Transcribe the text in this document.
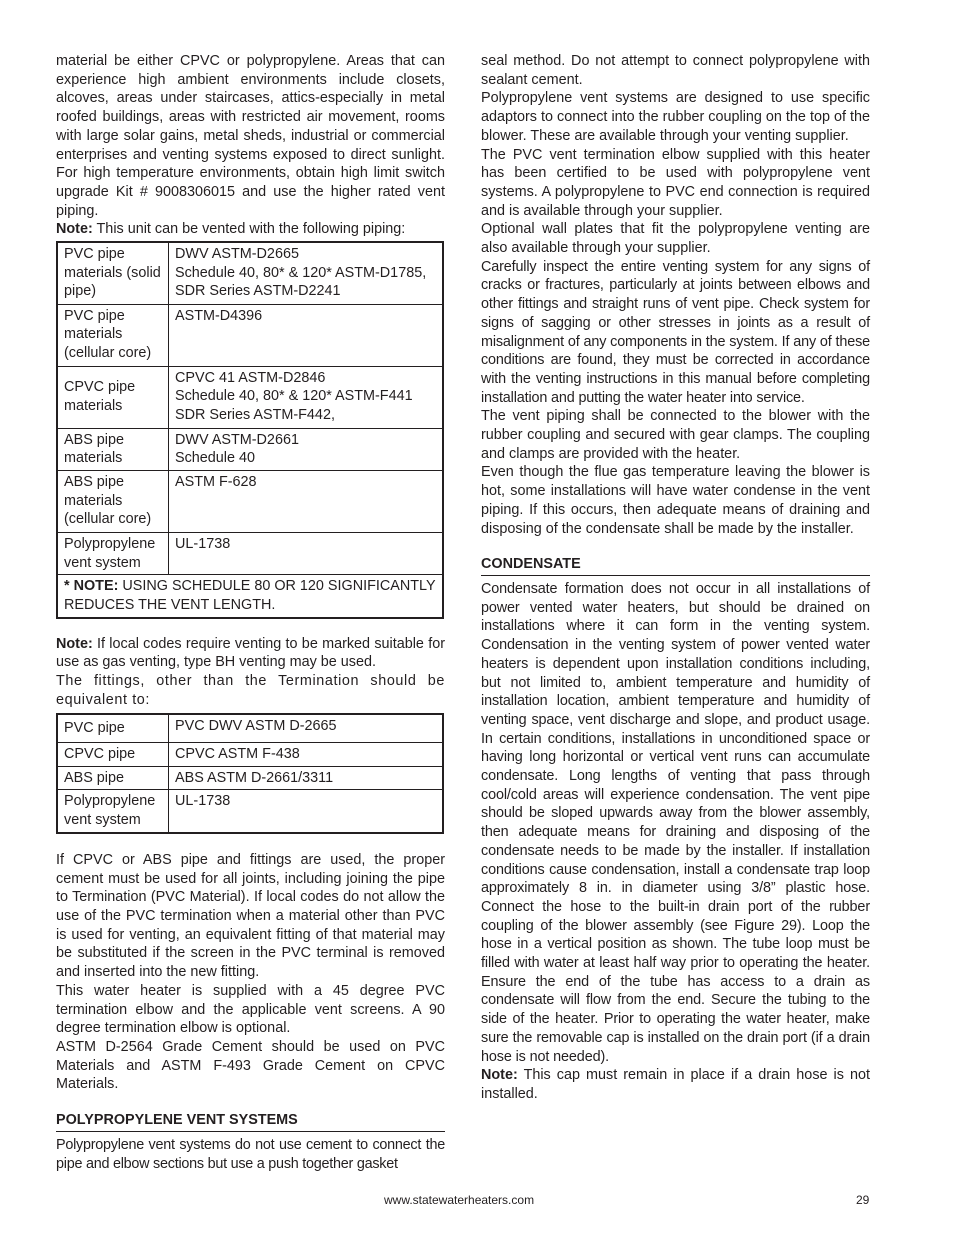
material be either CPVC or polypropylene. Areas that can experience high ambient environments include closets, alcoves, areas under staircases, attics-especially in metal roofed buildings, areas with restricted air movement, rooms with large solar gains, metal sheds, industrial or commercial enterprises and venting systems exposed to direct sunlight. For high temperature environments, obtain high limit switch upgrade Kit # 9008306015 and use the higher rated vent piping.

Note: This unit can be vented with the following piping:

PVC pipe materials (solid pipe)	DWV ASTM-D2665
Schedule 40, 80* & 120* ASTM-D1785, SDR Series ASTM-D2241
PVC pipe materials (cellular core)	ASTM-D4396
CPVC pipe materials	CPVC 41 ASTM-D2846
Schedule 40, 80* & 120* ASTM-F441 SDR Series ASTM-F442,
ABS pipe materials	DWV ASTM-D2661
Schedule 40
ABS pipe materials (cellular core)	ASTM F-628
Polypropylene vent system	UL-1738
* NOTE: USING SCHEDULE 80 OR 120 SIGNIFICANTLY REDUCES THE VENT LENGTH.	

Note: If local codes require venting to be marked suitable for use as gas venting, type BH venting may be used.

The fittings, other than the Termination should be equivalent to:

PVC pipe	PVC DWV ASTM D-2665
CPVC pipe	CPVC ASTM F-438
ABS pipe	ABS ASTM D-2661/3311
Polypropylene vent system	UL-1738

If CPVC or ABS pipe and fittings are used, the proper cement must be used for all joints, including joining the pipe to Termination (PVC Material). If local codes do not allow the use of the PVC termination when a material other than PVC is used for venting, an equivalent fitting of that material may be substituted if the screen in the PVC terminal is removed and inserted into the new fitting.

This water heater is supplied with a 45 degree PVC termination elbow and the applicable vent screens. A 90 degree termination elbow is optional.

ASTM D-2564 Grade Cement should be used on PVC Materials and ASTM F-493 Grade Cement on CPVC Materials.

POLYPROPYLENE VENT SYSTEMS

Polypropylene vent systems do not use cement to connect the pipe and elbow sections but use a push together gasket

seal method. Do not attempt to connect polypropylene with sealant cement.

Polypropylene vent systems are designed to use specific adaptors to connect into the rubber coupling on the top of the blower. These are available through your venting supplier.

The PVC vent termination elbow supplied with this heater has been certified to be used with polypropylene vent systems. A polypropylene to PVC end connection is required and is available through your supplier.

Optional wall plates that fit the polypropylene venting are also available through your supplier.

Carefully inspect the entire venting system for any signs of cracks or fractures, particularly at joints between elbows and other fittings and straight runs of vent pipe. Check system for signs of sagging or other stresses in joints as a result of misalignment of any components in the system. If any of these conditions are found, they must be corrected in accordance with the venting instructions in this manual before completing installation and putting the water heater into service.

The vent piping shall be connected to the blower with the rubber coupling and secured with gear clamps. The coupling and clamps are provided with the heater.

Even though the flue gas temperature leaving the blower is hot, some installations will have water condense in the vent piping. If this occurs, then adequate means of draining and disposing of the condensate shall be made by the installer.

CONDENSATE

Condensate formation does not occur in all installations of power vented water heaters, but should be drained on installations where it can form in the venting system. Condensation in the venting system of power vented water heaters is dependent upon installation conditions including, but not limited to, ambient temperature and humidity of installation location, ambient temperature and humidity of venting space, vent discharge and slope, and product usage. In certain conditions, installations in unconditioned space or having long horizontal or vertical vent runs can accumulate condensate. Long lengths of venting that pass through cool/cold areas will experience condensation. The vent pipe should be sloped upwards away from the blower assembly, then adequate means for draining and disposing of the condensate needs to be made by the installer. If installation conditions cause condensation, install a condensate trap loop approximately 8 in. in diameter using 3/8” plastic hose. Connect the hose to the built-in drain port of the rubber coupling of the blower assembly (see Figure 29). Loop the hose in a vertical position as shown. The tube loop must be filled with water at least half way prior to operating the heater. Ensure the end of the tube has access to a drain as condensate will flow from the end. Secure the tubing to the side of the heater. Prior to operating the water heater, make sure the removable cap is installed on the drain port (if a drain hose is not needed).

Note: This cap must remain in place if a drain hose is not installed.

www.statewaterheaters.com	29
